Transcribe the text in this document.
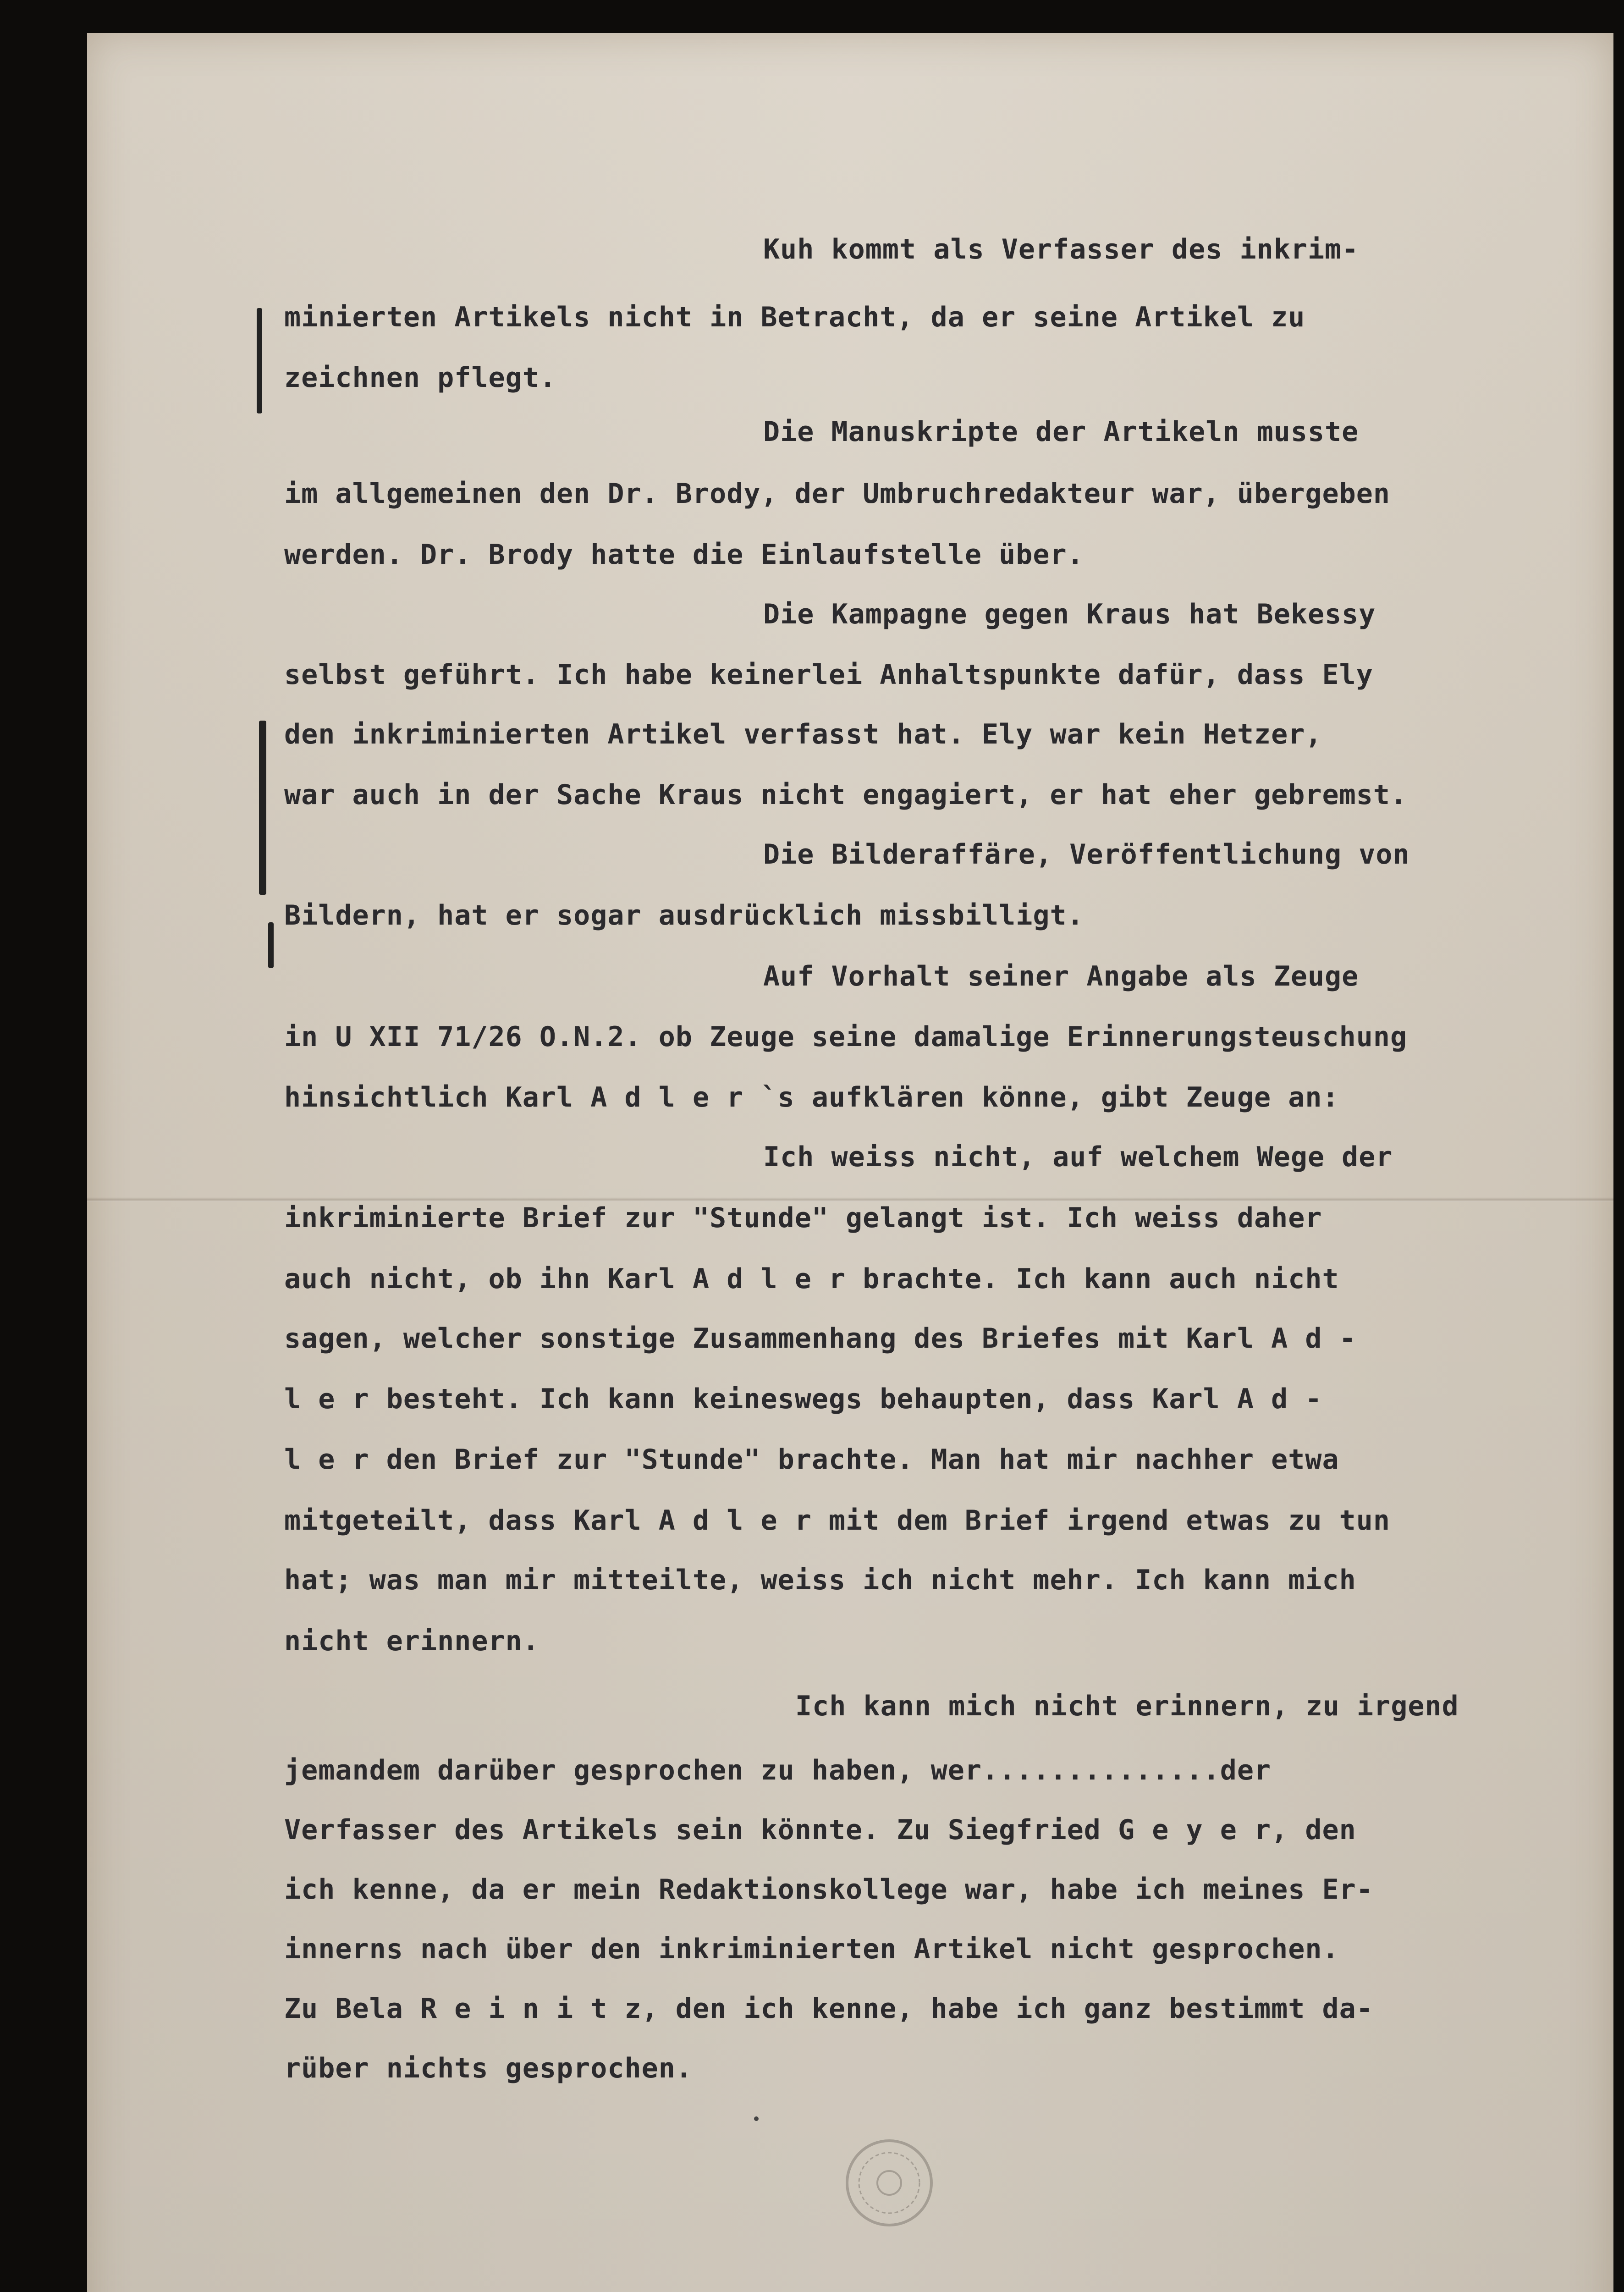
Kuh kommt als Verfasser des inkrim-
minierten Artikels nicht in Betracht, da er seine Artikel zu
zeichnen pflegt.
Die Manuskripte der Artikeln musste
im allgemeinen den Dr. Brody, der Umbruchredakteur war, übergeben
werden. Dr. Brody hatte die Einlaufstelle über.
Die Kampagne gegen Kraus hat Bekessy
selbst geführt. Ich habe keinerlei Anhaltspunkte dafür, dass Ely
den inkriminierten Artikel verfasst hat. Ely war kein Hetzer,
war auch in der Sache Kraus nicht engagiert, er hat eher gebremst.
Die Bilderaffäre, Veröffentlichung von
Bildern, hat er sogar ausdrücklich missbilligt.
Auf Vorhalt seiner Angabe als Zeuge
in U XII 71/26 O.N.2. ob Zeuge seine damalige Erinnerungsteuschung
hinsichtlich Karl A d l e r `s aufklären könne, gibt Zeuge an:
Ich weiss nicht, auf welchem Wege der
inkriminierte Brief zur "Stunde" gelangt ist. Ich weiss daher
auch nicht, ob ihn Karl A d l e r brachte. Ich kann auch nicht
sagen, welcher sonstige Zusammenhang des Briefes mit Karl A d -
l e r besteht. Ich kann keineswegs behaupten, dass Karl A d -
l e r den Brief zur "Stunde" brachte. Man hat mir nachher etwa
mitgeteilt, dass Karl A d l e r mit dem Brief irgend etwas zu tun
hat; was man mir mitteilte, weiss ich nicht mehr. Ich kann mich
nicht erinnern.
Ich kann mich nicht erinnern, zu irgend
jemandem darüber gesprochen zu haben, wer..............der
Verfasser des Artikels sein könnte. Zu Siegfried G e y e r, den
ich kenne, da er mein Redaktionskollege war, habe ich meines Er-
innerns nach über den inkriminierten Artikel nicht gesprochen.
Zu Bela R e i n i t z, den ich kenne, habe ich ganz bestimmt da-
rüber nichts gesprochen.
